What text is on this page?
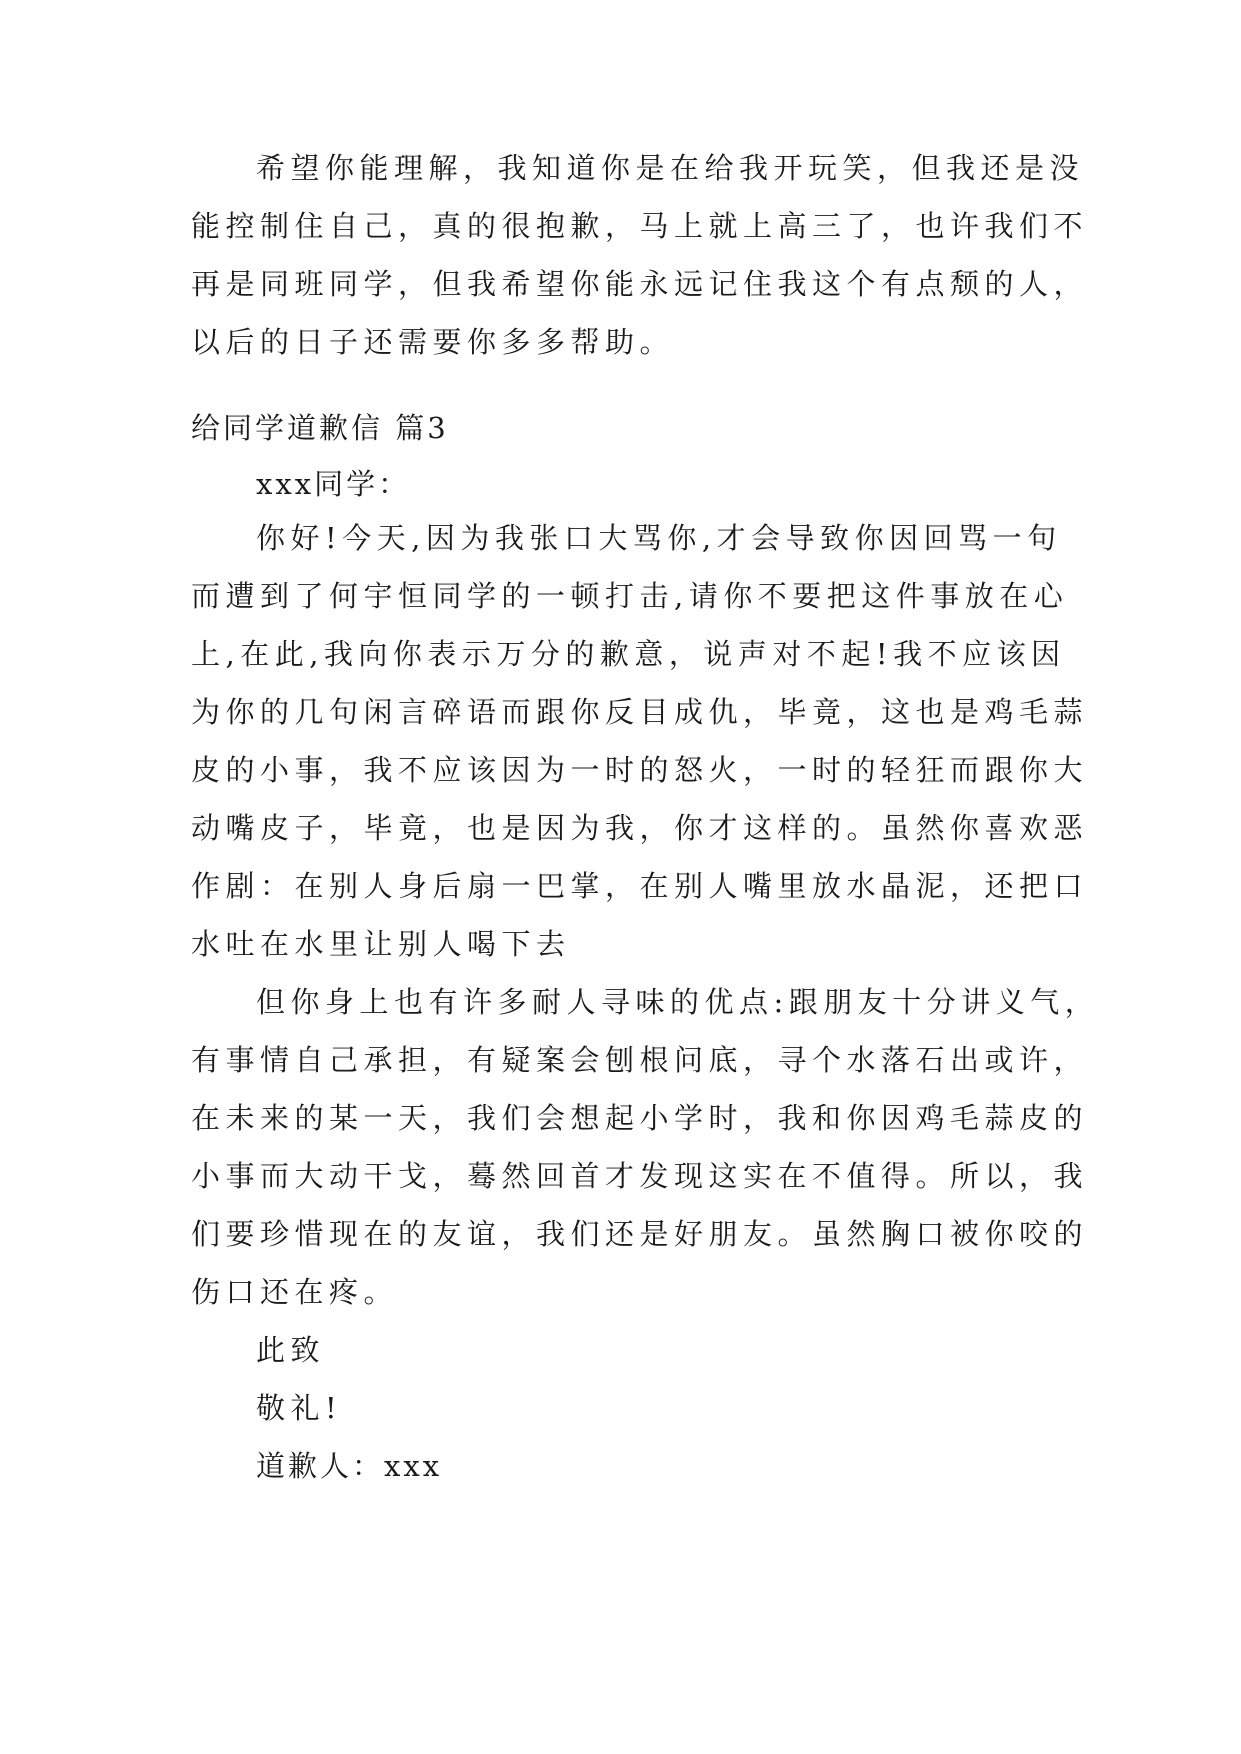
希望你能理解，我知道你是在给我开玩笑，但我还是没
能控制住自己，真的很抱歉，马上就上高三了，也许我们不
再是同班同学，但我希望你能永远记住我这个有点颓的人，
以后的日子还需要你多多帮助。
给同学道歉信 篇3
xxx同学：
你好!今天,因为我张口大骂你,才会导致你因回骂一句
而遭到了何宇恒同学的一顿打击,请你不要把这件事放在心
上,在此,我向你表示万分的歉意，说声对不起!我不应该因
为你的几句闲言碎语而跟你反目成仇，毕竟，这也是鸡毛蒜
皮的小事，我不应该因为一时的怒火，一时的轻狂而跟你大
动嘴皮子，毕竟，也是因为我，你才这样的。虽然你喜欢恶
作剧：在别人身后扇一巴掌，在别人嘴里放水晶泥，还把口
水吐在水里让别人喝下去
但你身上也有许多耐人寻味的优点:跟朋友十分讲义气，
有事情自己承担，有疑案会刨根问底，寻个水落石出或许，
在未来的某一天，我们会想起小学时，我和你因鸡毛蒜皮的
小事而大动干戈，蓦然回首才发现这实在不值得。所以，我
们要珍惜现在的友谊，我们还是好朋友。虽然胸口被你咬的
伤口还在疼。
此致
敬礼!
道歉人：xxx
